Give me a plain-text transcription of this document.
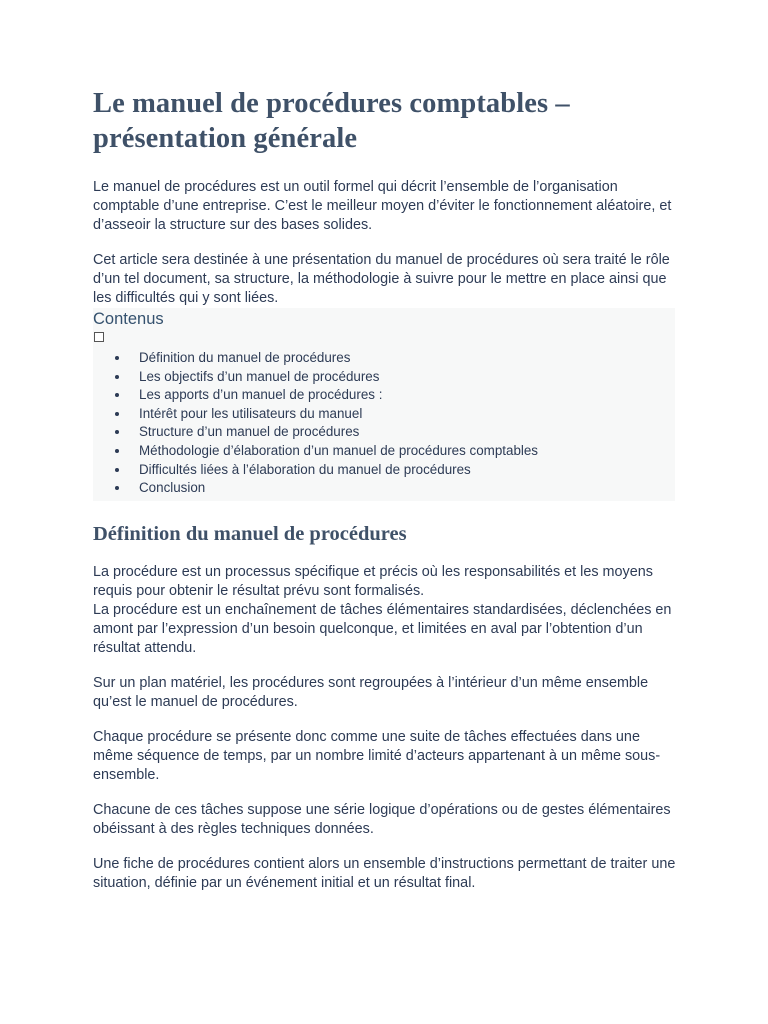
Le manuel de procédures comptables –
présentation générale

Le manuel de procédures est un outil formel qui décrit l’ensemble de l’organisation comptable d’une entreprise. C’est le meilleur moyen d’éviter le fonctionnement aléatoire, et d’asseoir la structure sur des bases solides.

Cet article sera destinée à une présentation du manuel de procédures où sera traité le rôle d’un tel document, sa structure, la méthodologie à suivre pour le mettre en place ainsi que les difficultés qui y sont liées.

Contenus
Définition du manuel de procédures
Les objectifs d’un manuel de procédures
Les apports d’un manuel de procédures :
Intérêt pour les utilisateurs du manuel
Structure d’un manuel de procédures
Méthodologie d’élaboration d’un manuel de procédures comptables
Difficultés liées à l’élaboration du manuel de procédures
Conclusion
Définition du manuel de procédures

La procédure est un processus spécifique et précis où les responsabilités et les moyens requis pour obtenir le résultat prévu sont formalisés.
La procédure est un enchaînement de tâches élémentaires standardisées, déclenchées en amont par l’expression d’un besoin quelconque, et limitées en aval par l’obtention d’un résultat attendu.

Sur un plan matériel, les procédures sont regroupées à l’intérieur d’un même ensemble qu’est le manuel de procédures.

Chaque procédure se présente donc comme une suite de tâches effectuées dans une même séquence de temps, par un nombre limité d’acteurs appartenant à un même sous-ensemble.

Chacune de ces tâches suppose une série logique d’opérations ou de gestes élémentaires obéissant à des règles techniques données.

Une fiche de procédures contient alors un ensemble d’instructions permettant de traiter une situation, définie par un événement initial et un résultat final.
